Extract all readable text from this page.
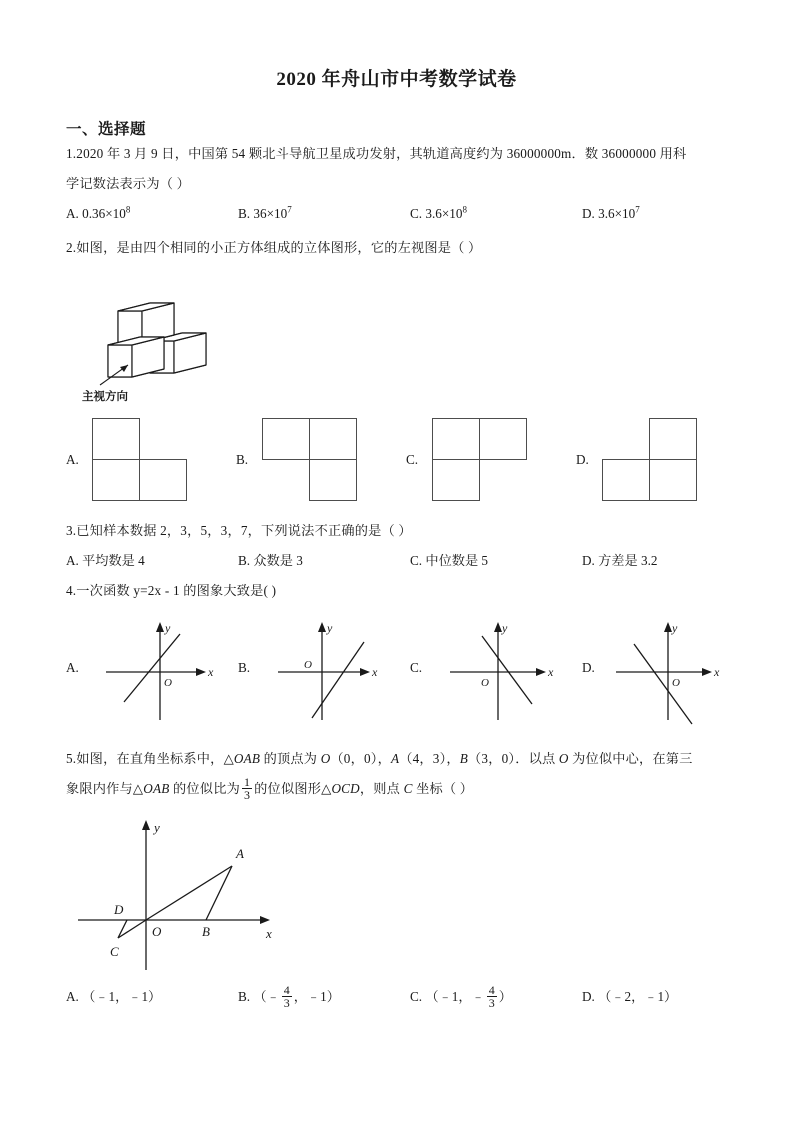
2020 年舟山市中考数学试卷
一、选择题

1.2020 年 3 月 9 日，中国第 54 颗北斗导航卫星成功发射，其轨道高度约为 36000000m．数 36000000 用科

学记数法表示为（ ）

A. $0.36\times 10^8$	B. $36\times 10^7$	C. $3.6\times 10^8$	D. $3.6\times 10^7$

2.如图，是由四个相同的小正方体组成的立体图形，它的左视图是（ ）

主视方向
A.	B.	C.	D.

3.已知样本数据 2，3，5，3，7，下列说法不正确的是（ ）

A. 平均数是 4	B. 众数是 3	C. 中位数是 5	D. 方差是 3.2

4.一次函数 y=2x - 1 的图象大致是( )

A.	x
y
O
B.	x
y
O	C.	x
y
O
D.	x
y
O

5.如图，在直角坐标系中，△OAB 的顶点为 O（0，0），A（4，3），B（3，0）．以点 O 为位似中心，在第三

象限内作与△OAB 的位似比为 $\frac{1}{3}$ 的位似图形△OCD，则点 C 坐标（ ）

y
x
O
A
B
C
D
A. （﹣1，﹣1）	B. （﹣ $\frac{4}{3}$ ，﹣1）	C. （﹣1，﹣ $\frac{4}{3}$ ）	D. （﹣2，﹣1）
